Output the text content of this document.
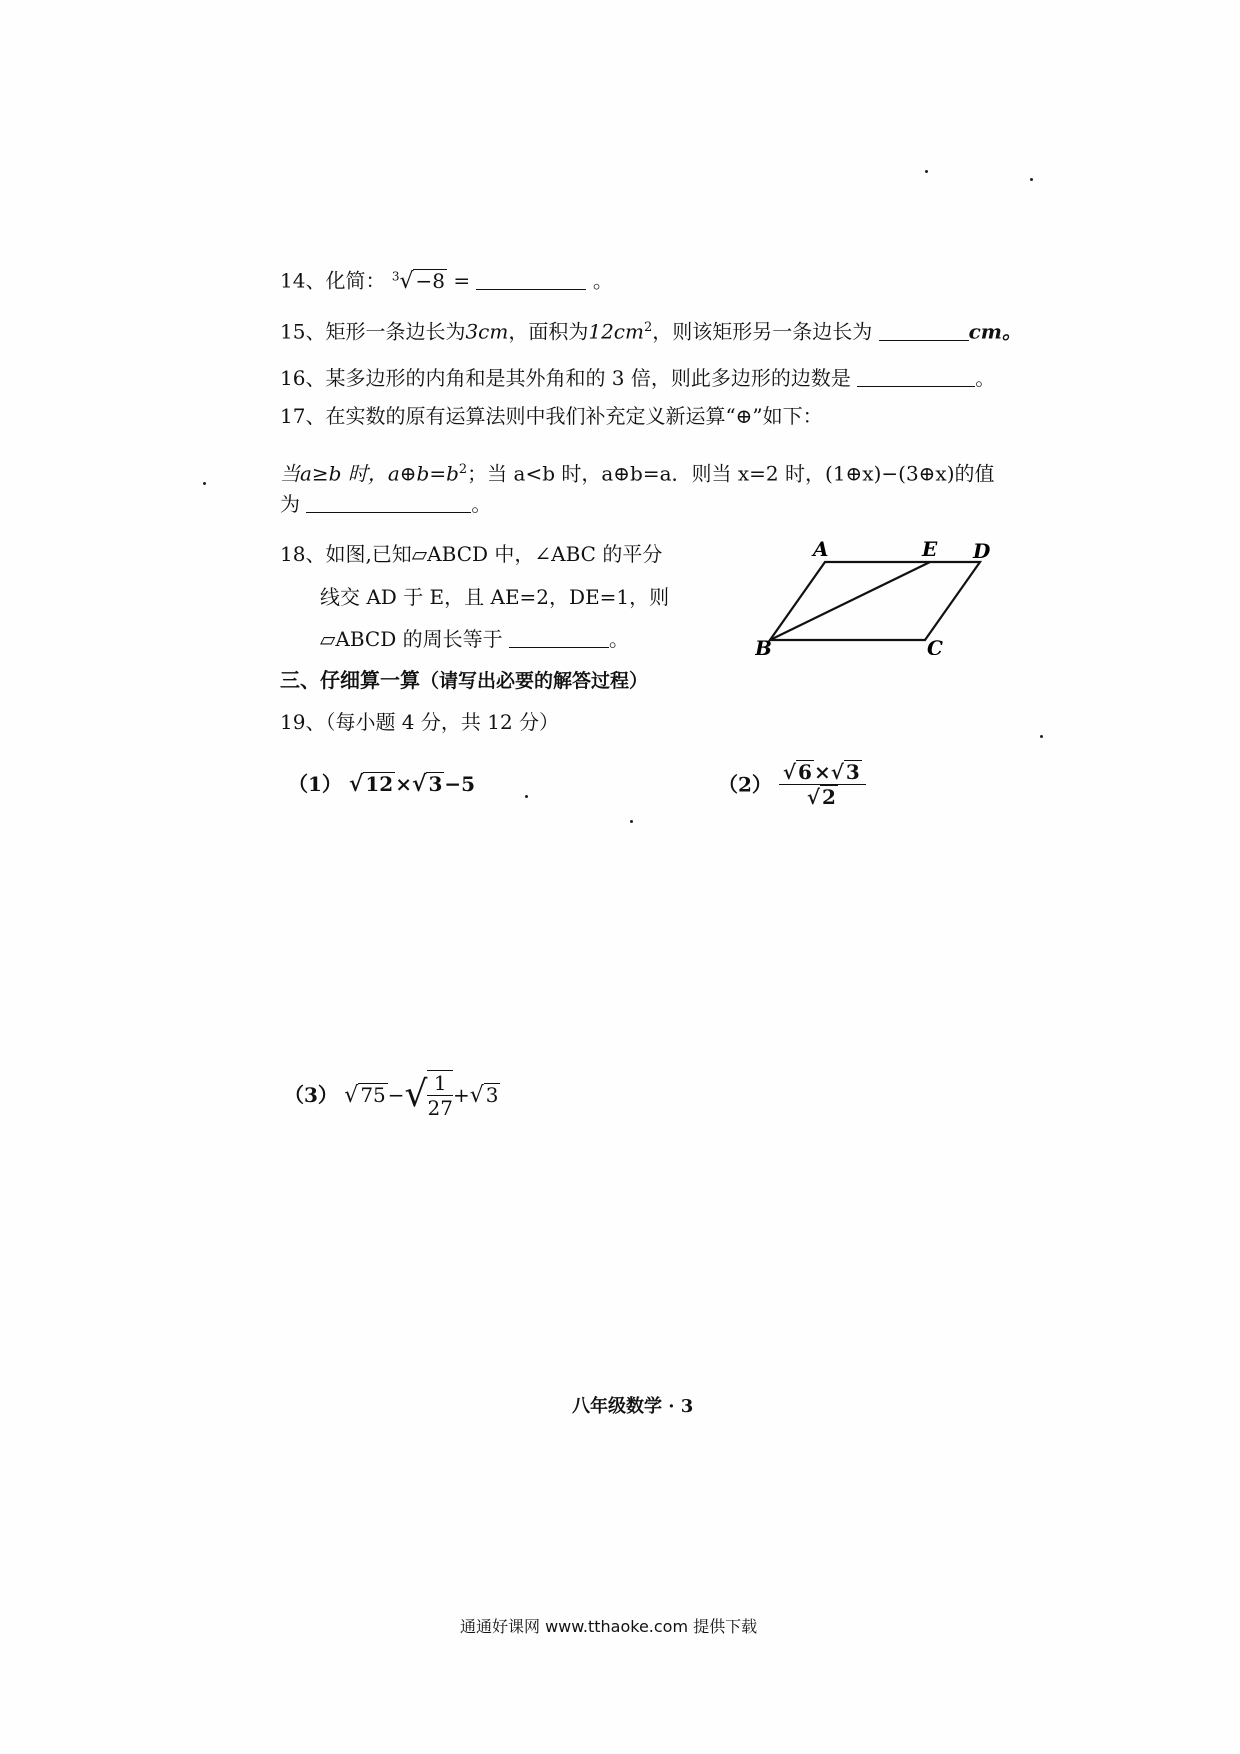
14、化简： $^3$√ −8 =	。
15、矩形一条边长为3cm，面积为$12cm^2$，则该矩形另一条边长为	cm。
16、某多边形的内角和是其外角和的 3 倍，则此多边形的边数是	。
17、在实数的原有运算法则中我们补充定义新运算“⊕”如下：
当a≥b 时，$a\oplus b=b^2$；当 a<b 时，a⊕b=a．则当 x=2 时，(1⊕x)−(3⊕x)的值
为	。
18、如图,已知▱ABCD 中，∠ABC 的平分
线交 AD 于 E，且 AE=2，DE=1，则
▱ABCD 的周长等于	。
A	E D
B	C
三、仔细算一算（请写出必要的解答过程）
19、（每小题 4 分，共 12 分）
（1） √ 12 ×√ 3 −5	$(2) \frac{√ 6 \times√ 3}{√ 2}$
（3） √ 75 −√ $\frac{1}{27}$ +√ 3
八年级数学 · 3
通通好课网 www.tthaoke.com 提供下载
